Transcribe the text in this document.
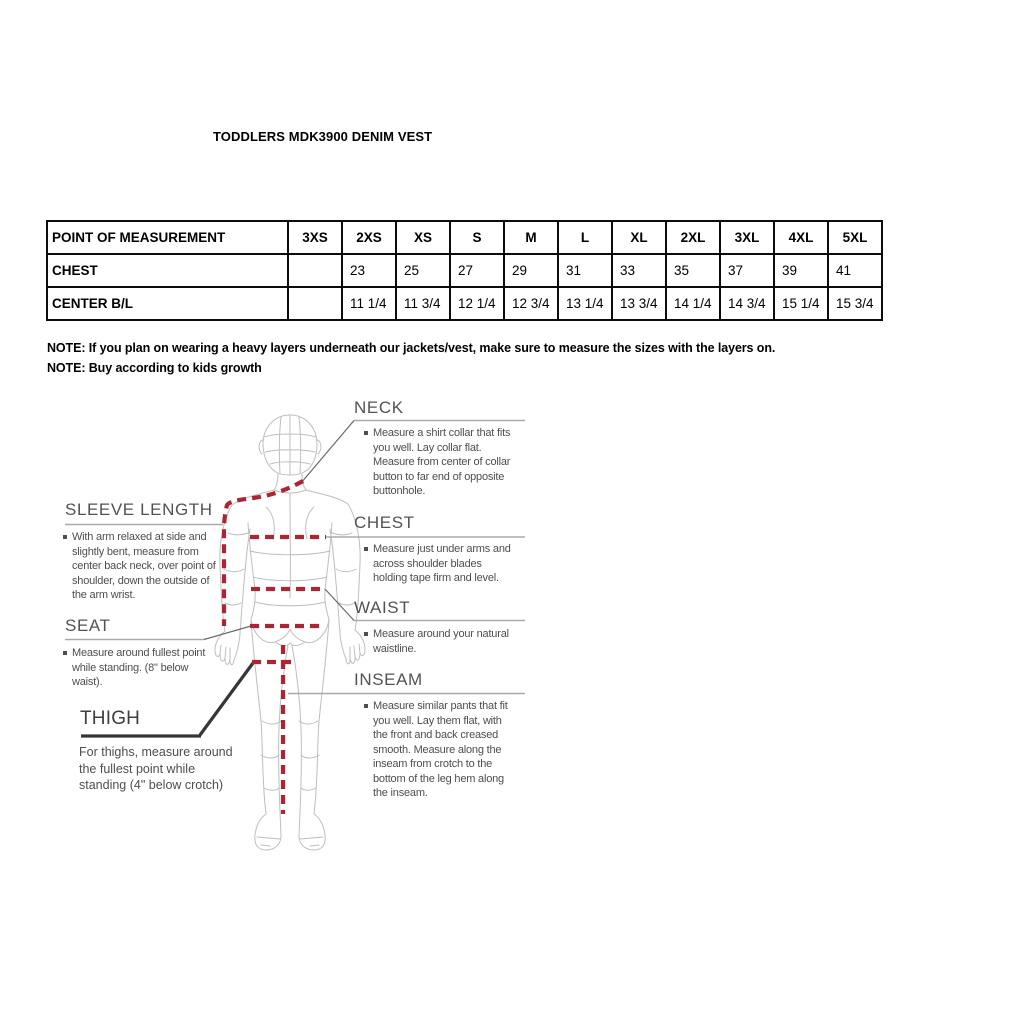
TODDLERS MDK3900 DENIM VEST
POINT OF MEASUREMENT	3XS	2XS	XS	S	M	L	XL	2XL	3XL	4XL	5XL
CHEST		23	25	27	29	31	33	35	37	39	41
CENTER B/L		11 1/4	11 3/4	12 1/4	12 3/4	13 1/4	13 3/4	14 1/4	14 3/4	15 1/4	15 3/4
NOTE: If you plan on wearing a heavy layers underneath our jackets/vest, make sure to measure the sizes with the layers on.
NOTE: Buy according to kids growth
NECK
Measure a shirt collar that fits you well. Lay collar flat. Measure from center of collar button to far end of opposite buttonhole.
CHEST
Measure just under arms and across shoulder blades holding tape firm and level.
WAIST
Measure around your natural waistline.
INSEAM
Measure similar pants that fit you well. Lay them flat, with the front and back creased smooth. Measure along the inseam from crotch to the bottom of the leg hem along the inseam.
SLEEVE LENGTH
With arm relaxed at side and slightly bent, measure from center back neck, over point of shoulder, down the outside of the arm wrist.
SEAT
Measure around fullest point while standing. (8" below waist).
THIGH
For thighs, measure around the fullest point while standing (4" below crotch)
